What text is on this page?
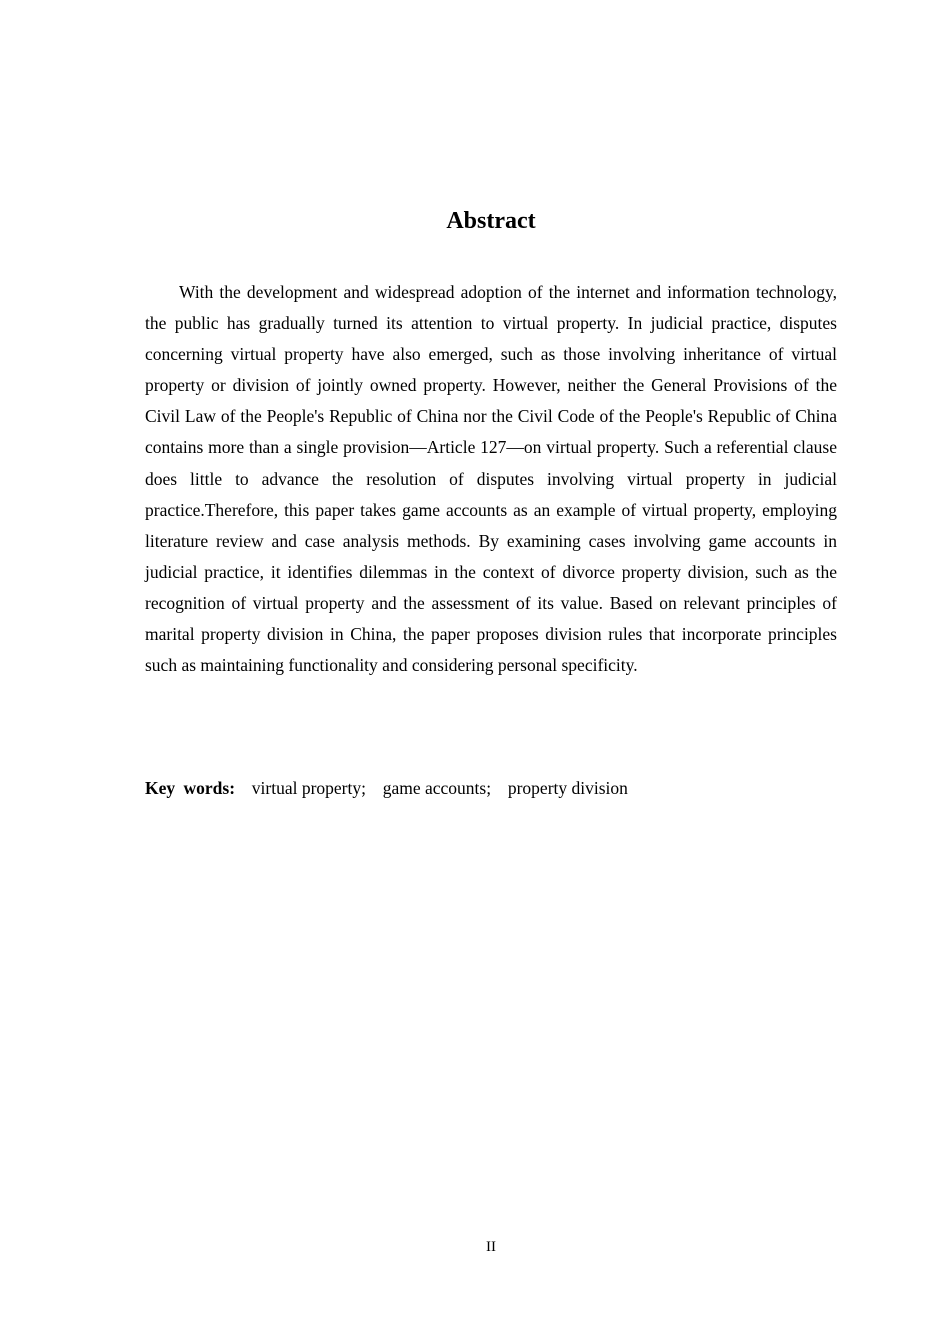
Abstract

With the development and widespread adoption of the internet and information technology, the public has gradually turned its attention to virtual property. In judicial practice, disputes concerning virtual property have also emerged, such as those involving inheritance of virtual property or division of jointly owned property. However, neither the General Provisions of the Civil Law of the People's Republic of China nor the Civil Code of the People's Republic of China contains more than a single provision—Article 127—on virtual property. Such a referential clause does little to advance the resolution of disputes involving virtual property in judicial practice.Therefore, this paper takes game accounts as an example of virtual property, employing literature review and case analysis methods. By examining cases involving game accounts in judicial practice, it identifies dilemmas in the context of divorce property division, such as the recognition of virtual property and the assessment of its value. Based on relevant principles of marital property division in China, the paper proposes division rules that incorporate principles such as maintaining functionality and considering personal specificity.

Key words: virtual property; game accounts; property division
II
